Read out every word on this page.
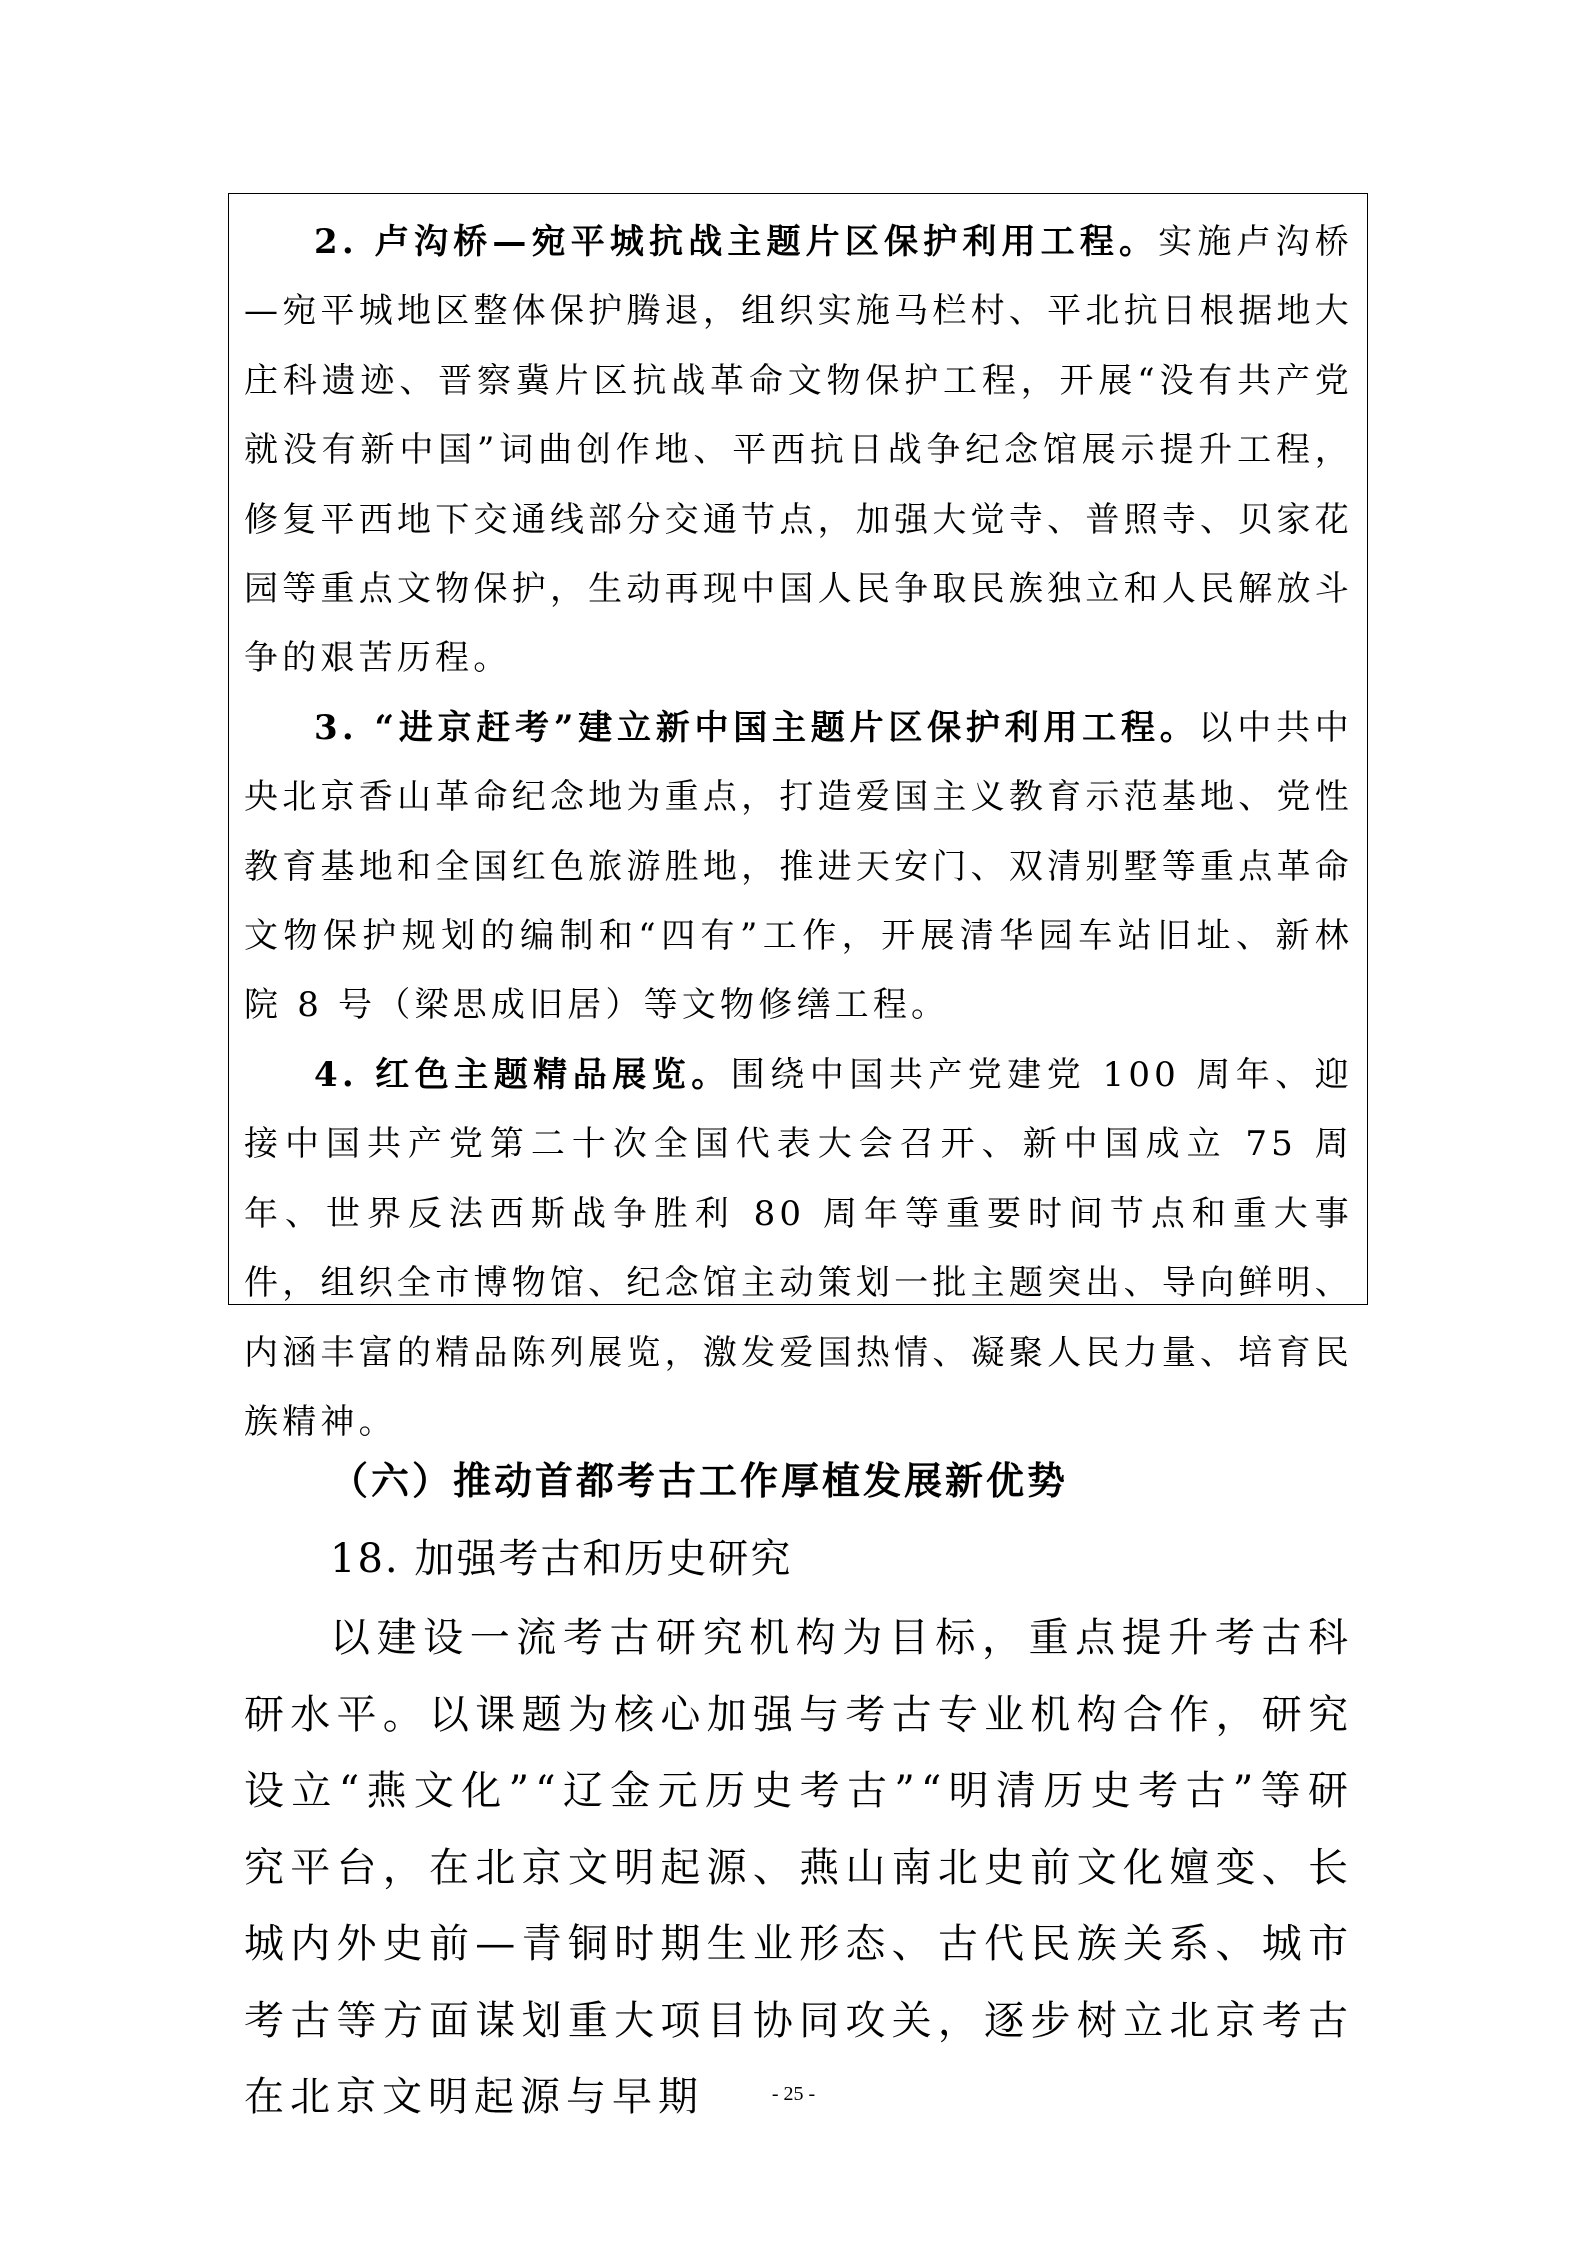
2. 卢沟桥—宛平城抗战主题片区保护利用工程。实施卢沟桥—宛平城地区整体保护腾退，组织实施马栏村、平北抗日根据地大庄科遗迹、晋察冀片区抗战革命文物保护工程，开展“没有共产党就没有新中国”词曲创作地、平西抗日战争纪念馆展示提升工程，修复平西地下交通线部分交通节点，加强大觉寺、普照寺、贝家花园等重点文物保护，生动再现中国人民争取民族独立和人民解放斗争的艰苦历程。

3. “进京赶考”建立新中国主题片区保护利用工程。以中共中央北京香山革命纪念地为重点，打造爱国主义教育示范基地、党性教育基地和全国红色旅游胜地，推进天安门、双清别墅等重点革命文物保护规划的编制和“四有”工作，开展清华园车站旧址、新林院 8 号（梁思成旧居）等文物修缮工程。

4. 红色主题精品展览。围绕中国共产党建党 100 周年、迎接中国共产党第二十次全国代表大会召开、新中国成立 75 周年、世界反法西斯战争胜利 80 周年等重要时间节点和重大事件，组织全市博物馆、纪念馆主动策划一批主题突出、导向鲜明、内涵丰富的精品陈列展览，激发爱国热情、凝聚人民力量、培育民族精神。

（六）推动首都考古工作厚植发展新优势
18. 加强考古和历史研究

以建设一流考古研究机构为目标，重点提升考古科研水平。以课题为核心加强与考古专业机构合作，研究设立“燕文化”“辽金元历史考古”“明清历史考古”等研究平台，在北京文明起源、燕山南北史前文化嬗变、长城内外史前—青铜时期生业形态、古代民族关系、城市考古等方面谋划重大项目协同攻关，逐步树立北京考古在北京文明起源与早期	- 25 -
